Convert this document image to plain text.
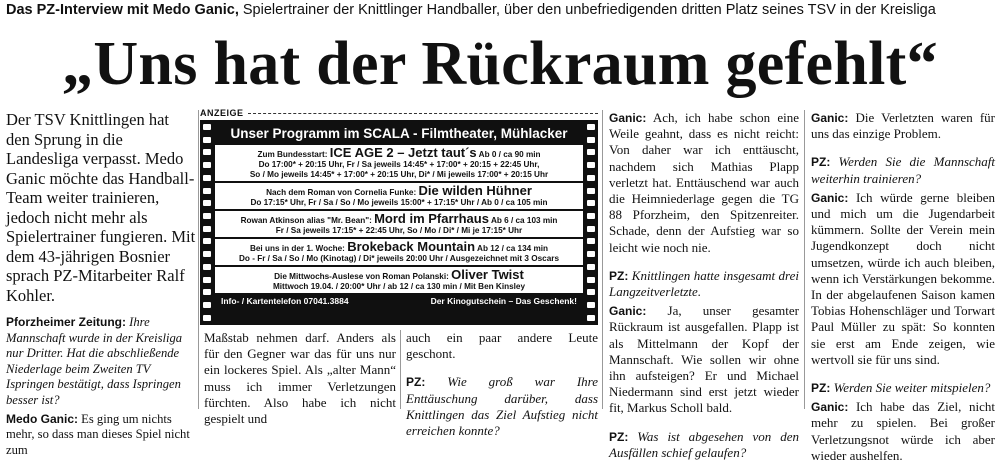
Das PZ-Interview mit Medo Ganic, Spielertrainer der Knittlinger Handballer, über den unbefriedigenden dritten Platz seines TSV in der Kreisliga
„Uns hat der Rückraum gefehlt“
Der TSV Knittlingen hat den Sprung in die Landesliga verpasst. Medo Ganic möchte das Handball-Team weiter trainieren, jedoch nicht mehr als Spielertrainer fungieren. Mit dem 43-jährigen Bosnier sprach PZ-Mitarbeiter Ralf Kohler.
Pforzheimer Zeitung: Ihre Mannschaft wurde in der Kreisliga nur Dritter. Hat die abschließende Niederlage beim Zweiten TV Ispringen bestätigt, dass Ispringen besser ist?
Medo Ganic: Es ging um nichts mehr, so dass man dieses Spiel nicht zum
ANZEIGE
Unser Programm im SCALA - Filmtheater, Mühlacker
Zum Bundesstart: ICE AGE 2 – Jetzt taut´s Ab 0 / ca 90 min
Do 17:00* + 20:15 Uhr, Fr / Sa jeweils 14:45* + 17:00* + 20:15 + 22:45 Uhr,
So / Mo jeweils 14:45* + 17:00* + 20:15 Uhr, Di* / Mi jeweils 17:00* + 20:15 Uhr
Nach dem Roman von Cornelia Funke: Die wilden Hühner
Do 17:15* Uhr, Fr / Sa / So / Mo jeweils 15:00* + 17:15* Uhr / Ab 0 / ca 105 min
Rowan Atkinson alias "Mr. Bean": Mord im Pfarrhaus Ab 6 / ca 103 min
Fr / Sa jeweils 17:15* + 22:45 Uhr, So / Mo / Di* / Mi je 17:15* Uhr
Bei uns in der 1. Woche: Brokeback Mountain Ab 12 / ca 134 min
Do - Fr / Sa / So / Mo (Kinotag) / Di* jeweils 20:00 Uhr / Ausgezeichnet mit 3 Oscars
Die Mittwochs-Auslese von Roman Polanski: Oliver Twist
Mittwoch 19.04. / 20:00* Uhr / ab 12 / ca 130 min / Mit Ben Kinsley
Info- / Kartentelefon 07041.3884	Der Kinogutschein – Das Geschenk!
Maßstab nehmen darf. Anders als für den Gegner war das für uns nur ein lockeres Spiel. Als „alter Mann“ muss ich immer Verletzungen fürchten. Also habe ich nicht gespielt und
auch ein paar andere Leute geschont.
PZ: Wie groß war Ihre Enttäuschung darüber, dass Knittlingen das Ziel Aufstieg nicht erreichen konnte?
Ganic: Ach, ich habe schon eine Weile geahnt, dass es nicht reicht: Von daher war ich enttäuscht, nachdem sich Mathias Plapp verletzt hat. Enttäuschend war auch die Heimniederlage gegen die TG 88 Pforzheim, den Spitzenreiter. Schade, denn der Aufstieg war so leicht wie noch nie.
PZ: Knittlingen hatte insgesamt drei Langzeitverletzte.
Ganic: Ja, unser gesamter Rückraum ist ausgefallen. Plapp ist als Mittelmann der Kopf der Mannschaft. Wie sollen wir ohne ihn aufsteigen? Er und Michael Niedermann sind erst jetzt wieder fit, Markus Scholl bald.
PZ: Was ist abgesehen von den Ausfällen schief gelaufen?
Ganic: Die Verletzten waren für uns das einzige Problem.
PZ: Werden Sie die Mannschaft weiterhin trainieren?
Ganic: Ich würde gerne bleiben und mich um die Jugendarbeit kümmern. Sollte der Verein mein Jugendkonzept doch nicht umsetzen, würde ich auch bleiben, wenn ich Verstärkungen bekomme. In der abgelaufenen Saison kamen Tobias Hohenschläger und Torwart Paul Müller zu spät: So konnten sie erst am Ende zeigen, wie wertvoll sie für uns sind.
PZ: Werden Sie weiter mitspielen?
Ganic: Ich habe das Ziel, nicht mehr zu spielen. Bei großer Verletzungsnot würde ich aber wieder aushelfen.
